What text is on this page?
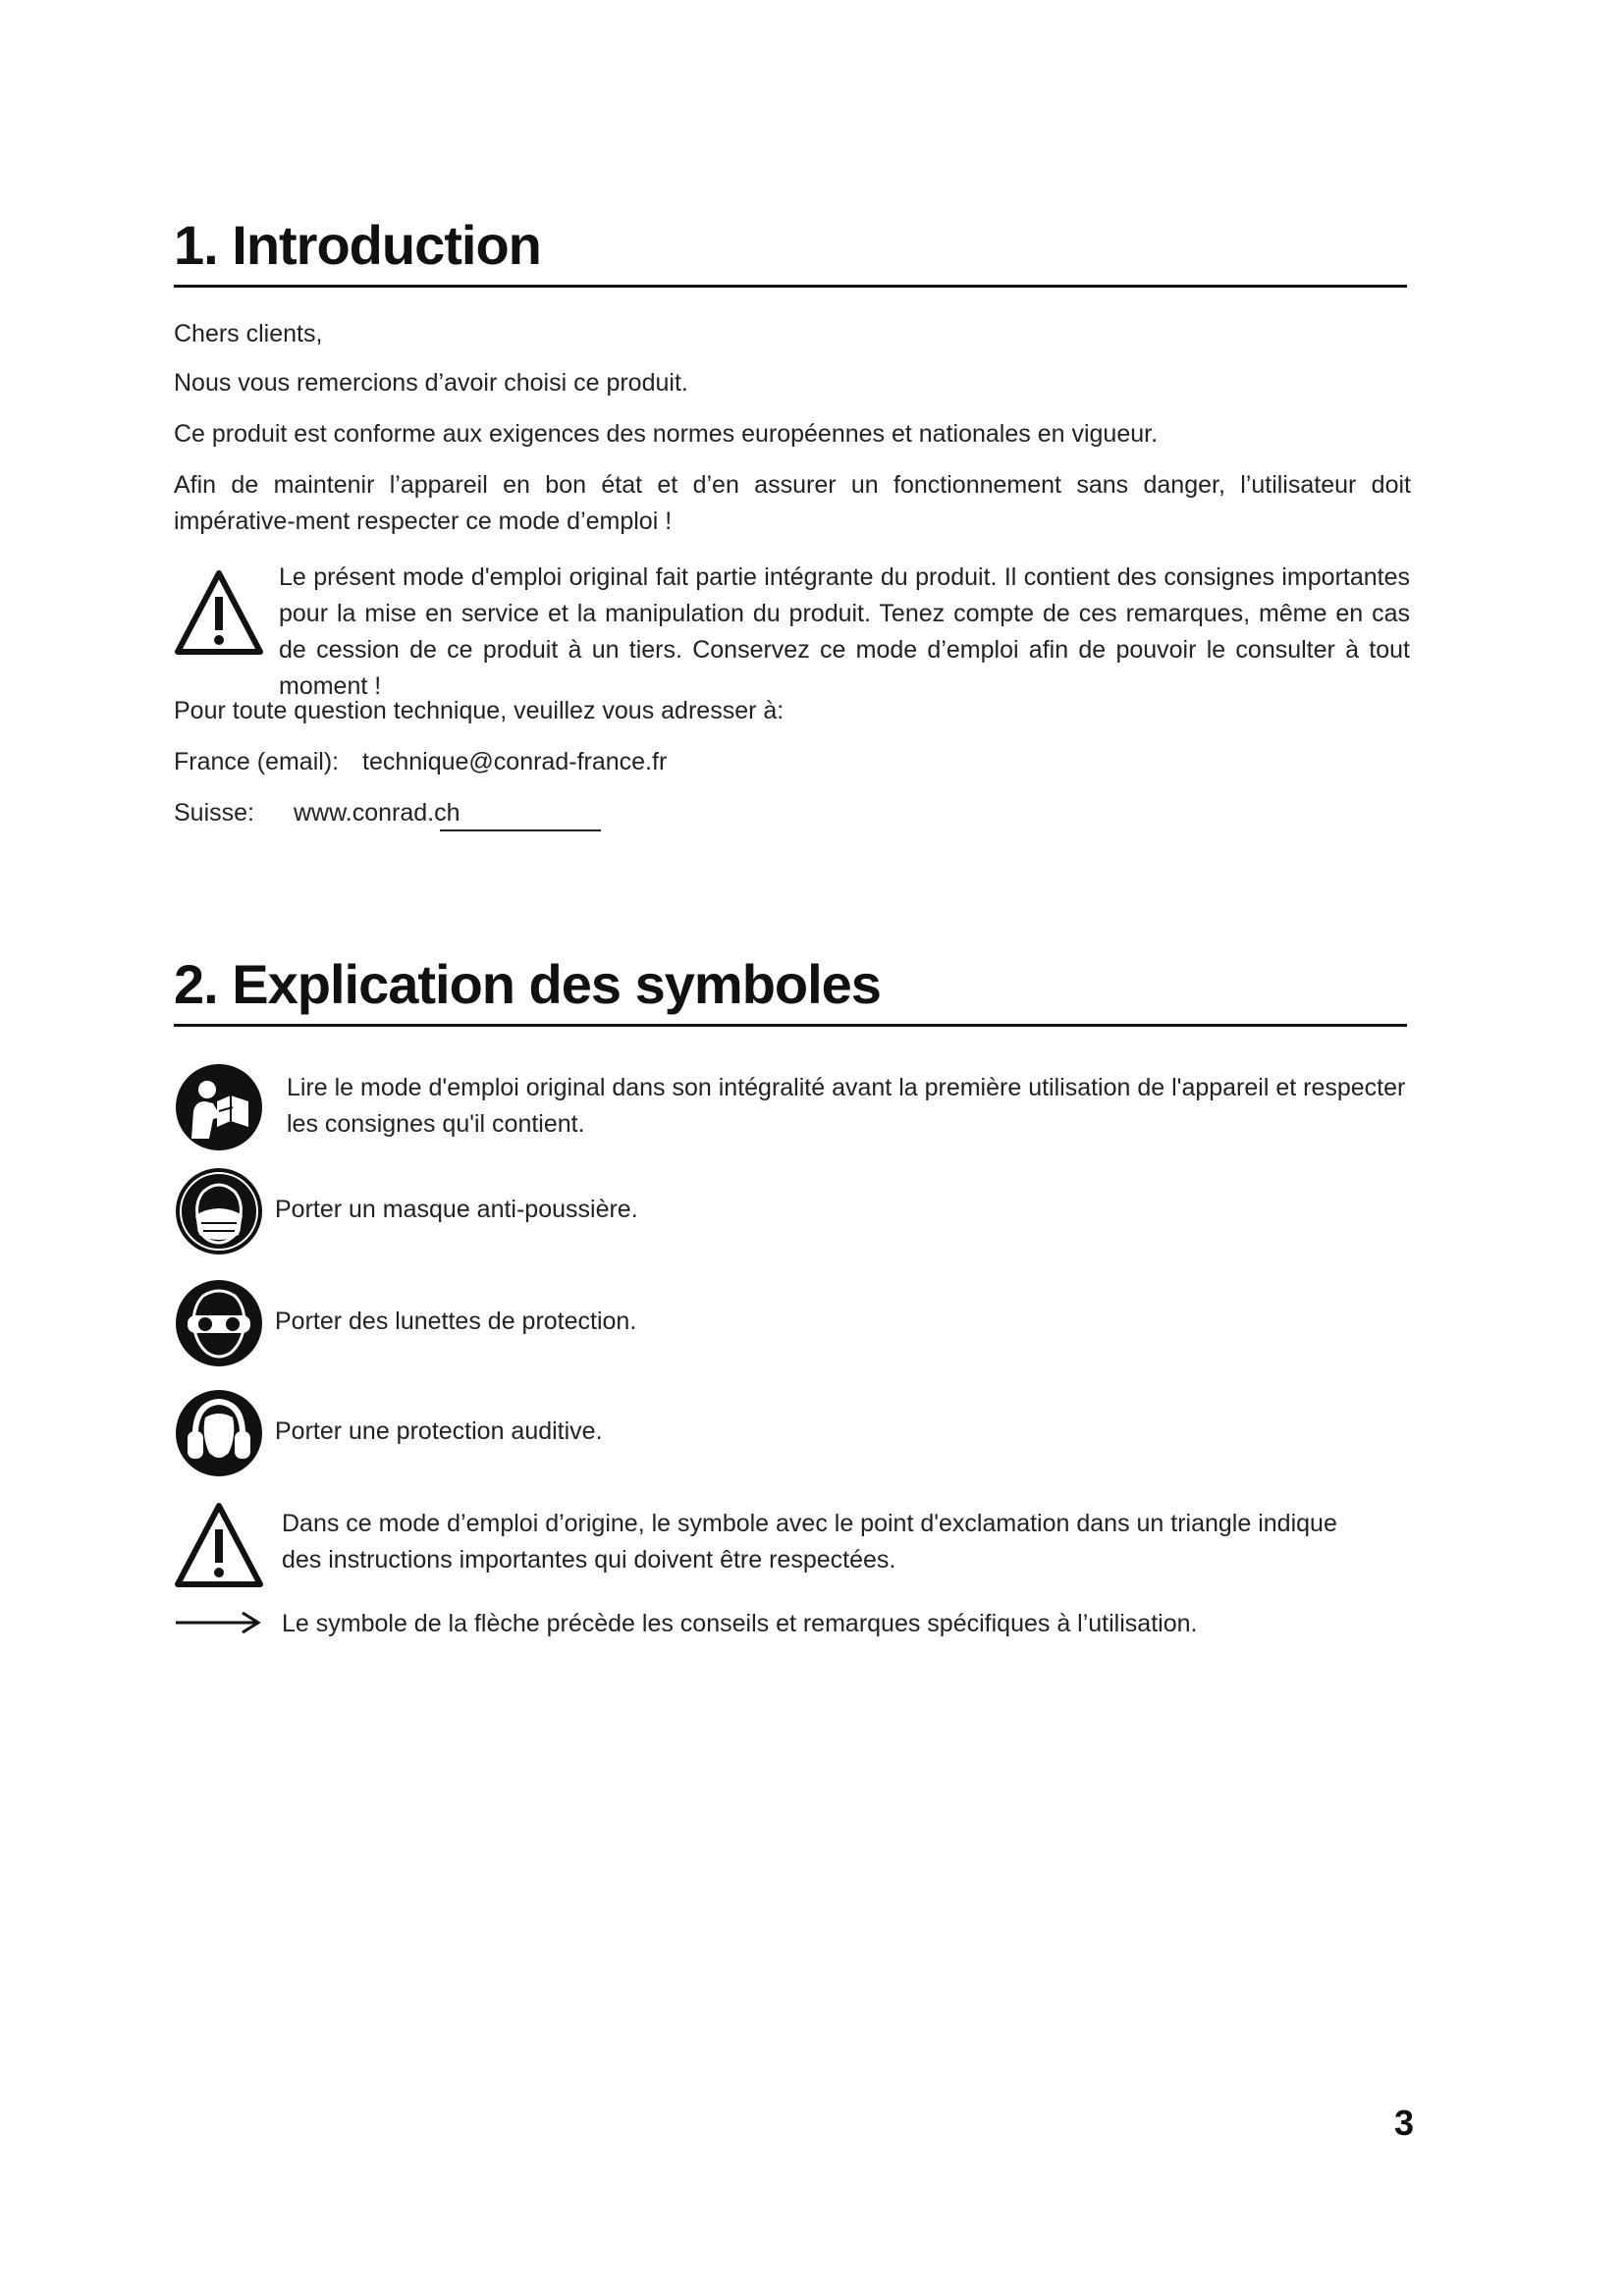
1. Introduction

Chers clients,

Nous vous remercions d’avoir choisi ce produit.

Ce produit est conforme aux exigences des normes européennes et nationales en vigueur.

Afin de maintenir l’appareil en bon état et d’en assurer un fonctionnement sans danger, l’utilisateur doit impérative-ment respecter ce mode d’emploi !

Le présent mode d'emploi original fait partie intégrante du produit. Il contient des consignes importantes pour la mise en service et la manipulation du produit. Tenez compte de ces remarques, même en cas de cession de ce produit à un tiers. Conservez ce mode d’emploi afin de pouvoir le consulter à tout moment !

Pour toute question technique, veuillez vous adresser à:

France (email): technique@conrad-france.fr
Suisse: www.conrad.ch
2. Explication des symboles
Lire le mode d'emploi original dans son intégralité avant la première utilisation de l'appareil et respecter les consignes qu'il contient.
Porter un masque anti-poussière.
Porter des lunettes de protection.
Porter une protection auditive.
Dans ce mode d’emploi d’origine, le symbole avec le point d'exclamation dans un triangle indique des instructions importantes qui doivent être respectées.
Le symbole de la flèche précède les conseils et remarques spécifiques à l’utilisation.
3
